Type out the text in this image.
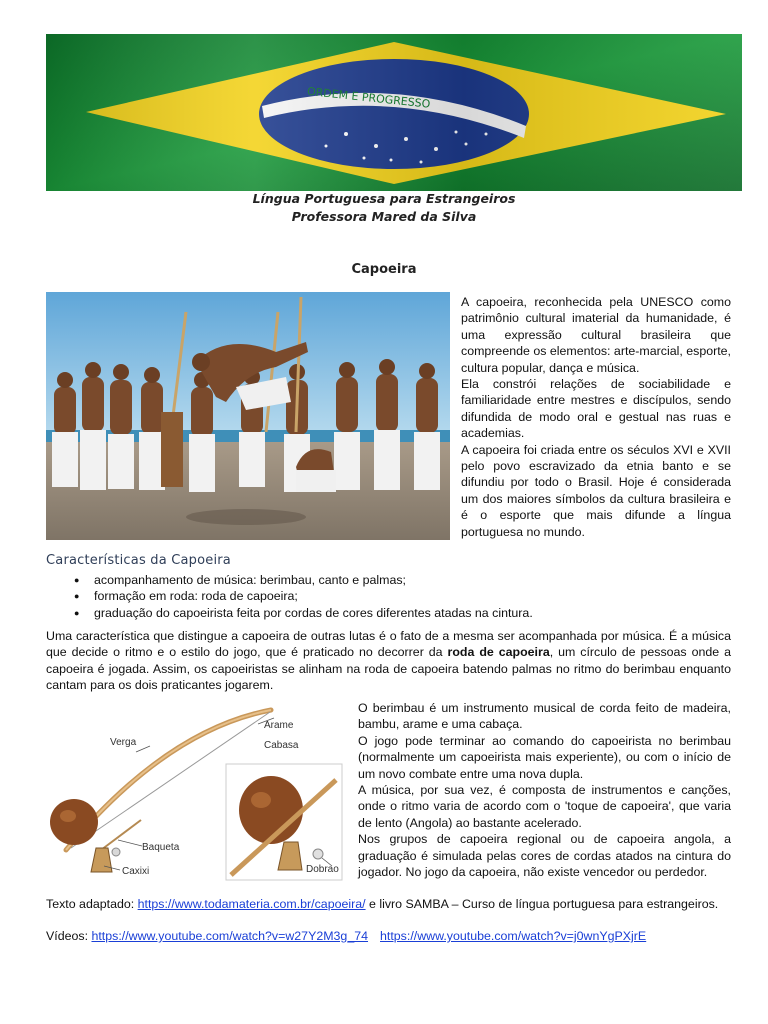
Língua Portuguesa para Estrangeiros
Professora Mared da Silva
Capoeira

A capoeira, reconhecida pela UNESCO como patrimônio cultural imaterial da humanidade, é uma expressão cultural brasileira que compreende os elementos: arte-marcial, esporte, cultura popular, dança e música.

Ela constrói relações de sociabilidade e familiaridade entre mestres e discípulos, sendo difundida de modo oral e gestual nas ruas e academias.

A capoeira foi criada entre os séculos XVI e XVII pelo povo escravizado da etnia banto e se difundiu por todo o Brasil. Hoje é considerada um dos maiores símbolos da cultura brasileira e é o esporte que mais difunde a língua portuguesa no mundo.

Características da Capoeira
● acompanhamento de música: berimbau, canto e palmas;
● formação em roda: roda de capoeira;
● graduação do capoeirista feita por cordas de cores diferentes atadas na cintura.
Uma característica que distingue a capoeira de outras lutas é o fato de a mesma ser acompanhada por música. É a música que decide o ritmo e o estilo do jogo, que é praticado no decorrer da roda de capoeira, um círculo de pessoas onde a capoeira é jogada. Assim, os capoeiristas se alinham na roda de capoeira batendo palmas no ritmo do berimbau enquanto cantam para os dois praticantes jogarem.
Verga
Arame
Cabasa
Baqueta
Caxixi	Dobrao

O berimbau é um instrumento musical de corda feito de madeira, bambu, arame e uma cabaça.

O jogo pode terminar ao comando do capoeirista no berimbau (normalmente um capoeirista mais experiente), ou com o início de um novo combate entre uma nova dupla.

A música, por sua vez, é composta de instrumentos e canções, onde o ritmo varia de acordo com o 'toque de capoeira', que varia de lento (Angola) ao bastante acelerado.

Nos grupos de capoeira regional ou de capoeira angola, a graduação é simulada pelas cores de cordas atados na cintura do jogador. No jogo da capoeira, não existe vencedor ou perdedor.

Texto adaptado: https://www.todamateria.com.br/capoeira/ e livro SAMBA – Curso de língua portuguesa para estrangeiros.
Vídeos: https://www.youtube.com/watch?v=w27Y2M3g_74 https://www.youtube.com/watch?v=j0wnYgPXjrE
